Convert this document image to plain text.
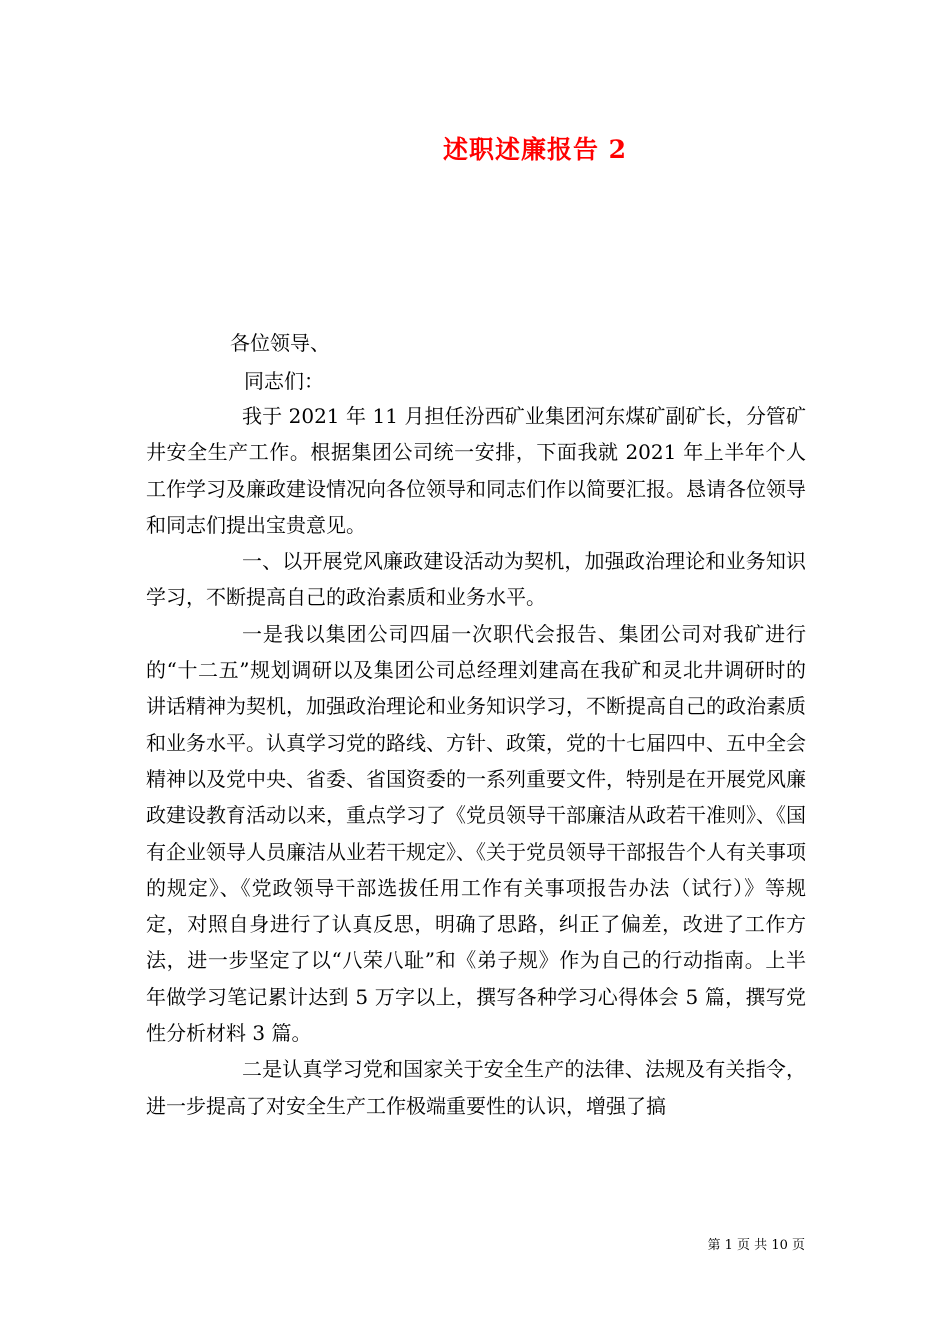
述职述廉报告 2
各位领导、
同志们：

我于 2021 年 11 月担任汾西矿业集团河东煤矿副矿长，分管矿井安全生产工作。根据集团公司统一安排，下面我就 2021 年上半年个人工作学习及廉政建设情况向各位领导和同志们作以简要汇报。恳请各位领导和同志们提出宝贵意见。

一、以开展党风廉政建设活动为契机，加强政治理论和业务知识学习，不断提高自己的政治素质和业务水平。

一是我以集团公司四届一次职代会报告、集团公司对我矿进行的“十二五”规划调研以及集团公司总经理刘建高在我矿和灵北井调研时的讲话精神为契机，加强政治理论和业务知识学习，不断提高自己的政治素质和业务水平。认真学习党的路线、方针、政策，党的十七届四中、五中全会精神以及党中央、省委、省国资委的一系列重要文件，特别是在开展党风廉政建设教育活动以来，重点学习了《党员领导干部廉洁从政若干准则》、《国有企业领导人员廉洁从业若干规定》、《关于党员领导干部报告个人有关事项的规定》、《党政领导干部选拔任用工作有关事项报告办法（试行）》等规定，对照自身进行了认真反思，明确了思路，纠正了偏差，改进了工作方法，进一步坚定了以“八荣八耻”和《弟子规》作为自己的行动指南。上半年做学习笔记累计达到 5 万字以上，撰写各种学习心得体会 5 篇，撰写党性分析材料 3 篇。

二是认真学习党和国家关于安全生产的法律、法规及有关指令，进一步提高了对安全生产工作极端重要性的认识，增强了搞

第 1 页 共 10 页
